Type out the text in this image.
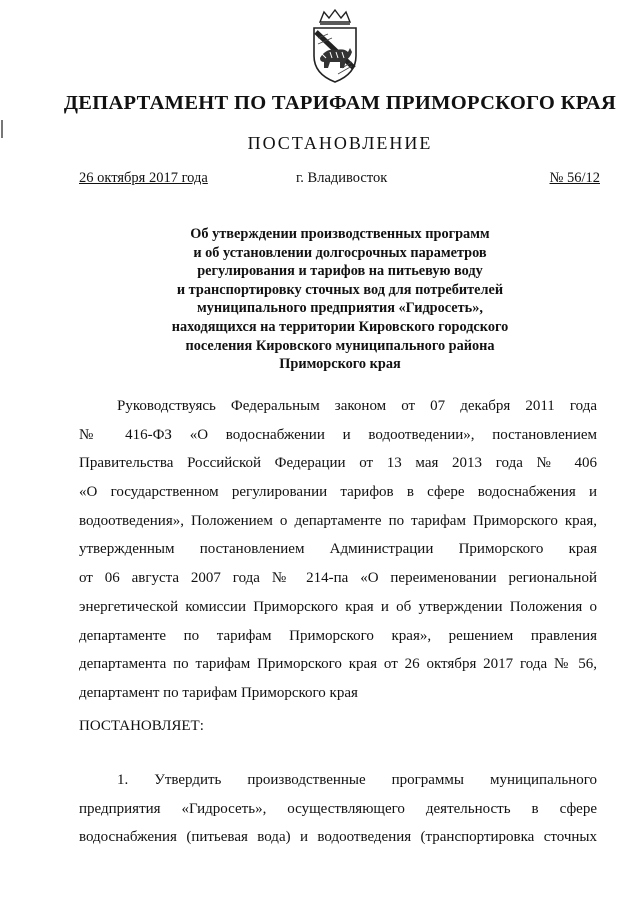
ДЕПАРТАМЕНТ ПО ТАРИФАМ ПРИМОРСКОГО КРАЯ
ПОСТАНОВЛЕНИЕ
26 октября 2017 года	г. Владивосток	№ 56/12
Об утверждении производственных программ
и об установлении долгосрочных параметров
регулирования и тарифов на питьевую воду
и транспортировку сточных вод для потребителей
муниципального предприятия «Гидросеть»,
находящихся на территории Кировского городского
поселения Кировского муниципального района
Приморского края
Руководствуясь Федеральным законом от 07 декабря 2011 года
№ 416-ФЗ «О водоснабжении и водоотведении», постановлением
Правительства Российской Федерации от 13 мая 2013 года № 406
«О государственном регулировании тарифов в сфере водоснабжения и
водоотведения», Положением о департаменте по тарифам Приморского края,
утвержденным постановлением Администрации Приморского края
от 06 августа 2007 года № 214-па «О переименовании региональной
энергетической комиссии Приморского края и об утверждении Положения о
департаменте по тарифам Приморского края», решением правления
департамента по тарифам Приморского края от 26 октября 2017 года № 56,
департамент по тарифам Приморского края
ПОСТАНОВЛЯЕТ:
1. Утвердить производственные программы муниципального
предприятия «Гидросеть», осуществляющего деятельность в сфере
водоснабжения (питьевая вода) и водоотведения (транспортировка сточных
